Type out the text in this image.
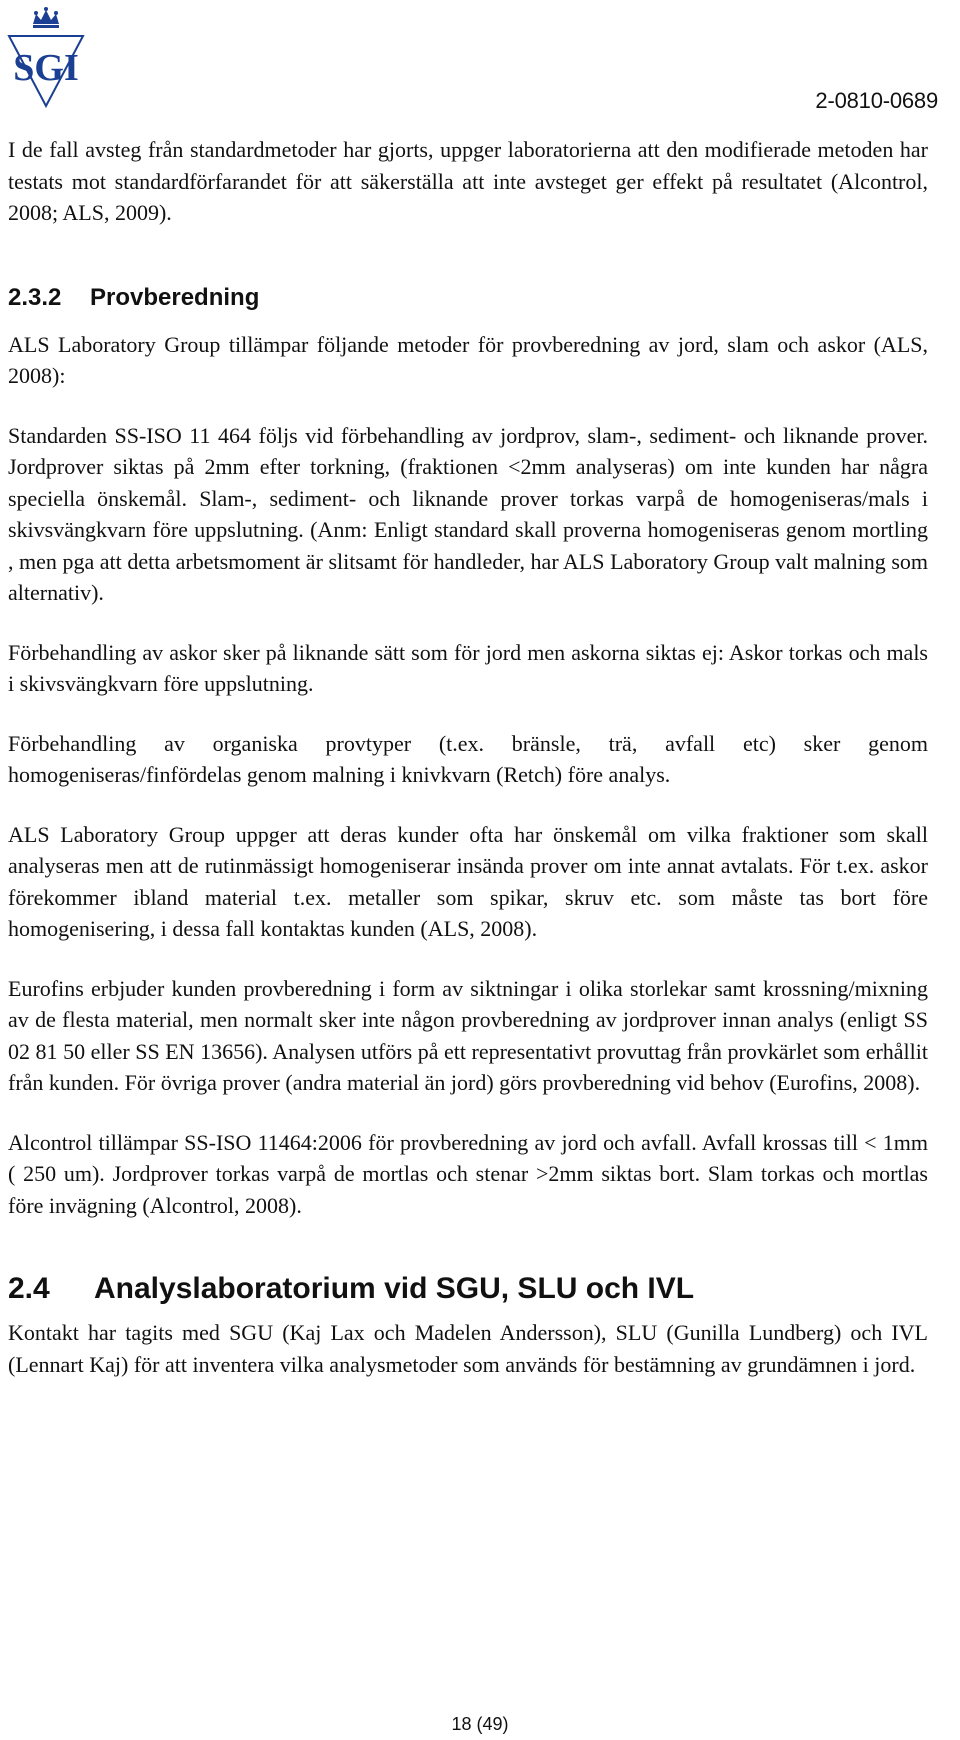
SGI
2-0810-0689

I de fall avsteg från standardmetoder har gjorts, uppger laboratorierna att den modifierade metoden har testats mot standardförfarandet för att säkerställa att inte avsteget ger effekt på resultatet (Alcontrol, 2008; ALS, 2009).

2.3.2 Provberedning

ALS Laboratory Group tillämpar följande metoder för provberedning av jord, slam och askor (ALS, 2008):

Standarden SS-ISO 11 464 följs vid förbehandling av jordprov, slam-, sediment- och liknande prover. Jordprover siktas på 2mm efter torkning, (fraktionen <2mm analyseras) om inte kunden har några speciella önskemål. Slam-, sediment- och liknande prover torkas varpå de homogeniseras/mals i skivsvängkvarn före uppslutning. (Anm: Enligt standard skall proverna homogeniseras genom mortling , men pga att detta arbetsmoment är slitsamt för handleder, har ALS Laboratory Group valt malning som alternativ).

Förbehandling av askor sker på liknande sätt som för jord men askorna siktas ej: Askor torkas och mals i skivsvängkvarn före uppslutning.

Förbehandling av organiska provtyper (t.ex. bränsle, trä, avfall etc) sker genom homogeniseras/finfördelas genom malning i knivkvarn (Retch) före analys.

ALS Laboratory Group uppger att deras kunder ofta har önskemål om vilka fraktioner som skall analyseras men att de rutinmässigt homogeniserar insända prover om inte annat avtalats. För t.ex. askor förekommer ibland material t.ex. metaller som spikar, skruv etc. som måste tas bort före homogenisering, i dessa fall kontaktas kunden (ALS, 2008).

Eurofins erbjuder kunden provberedning i form av siktningar i olika storlekar samt krossning/mixning av de flesta material, men normalt sker inte någon provberedning av jordprover innan analys (enligt SS 02 81 50 eller SS EN 13656). Analysen utförs på ett representativt provuttag från provkärlet som erhållit från kunden. För övriga prover (andra material än jord) görs provberedning vid behov (Eurofins, 2008).

Alcontrol tillämpar SS-ISO 11464:2006 för provberedning av jord och avfall. Avfall krossas till < 1mm ( 250 um). Jordprover torkas varpå de mortlas och stenar >2mm siktas bort. Slam torkas och mortlas före invägning (Alcontrol, 2008).

2.4 Analyslaboratorium vid SGU, SLU och IVL

Kontakt har tagits med SGU (Kaj Lax och Madelen Andersson), SLU (Gunilla Lundberg) och IVL (Lennart Kaj) för att inventera vilka analysmetoder som används för bestämning av grundämnen i jord.

18 (49)
